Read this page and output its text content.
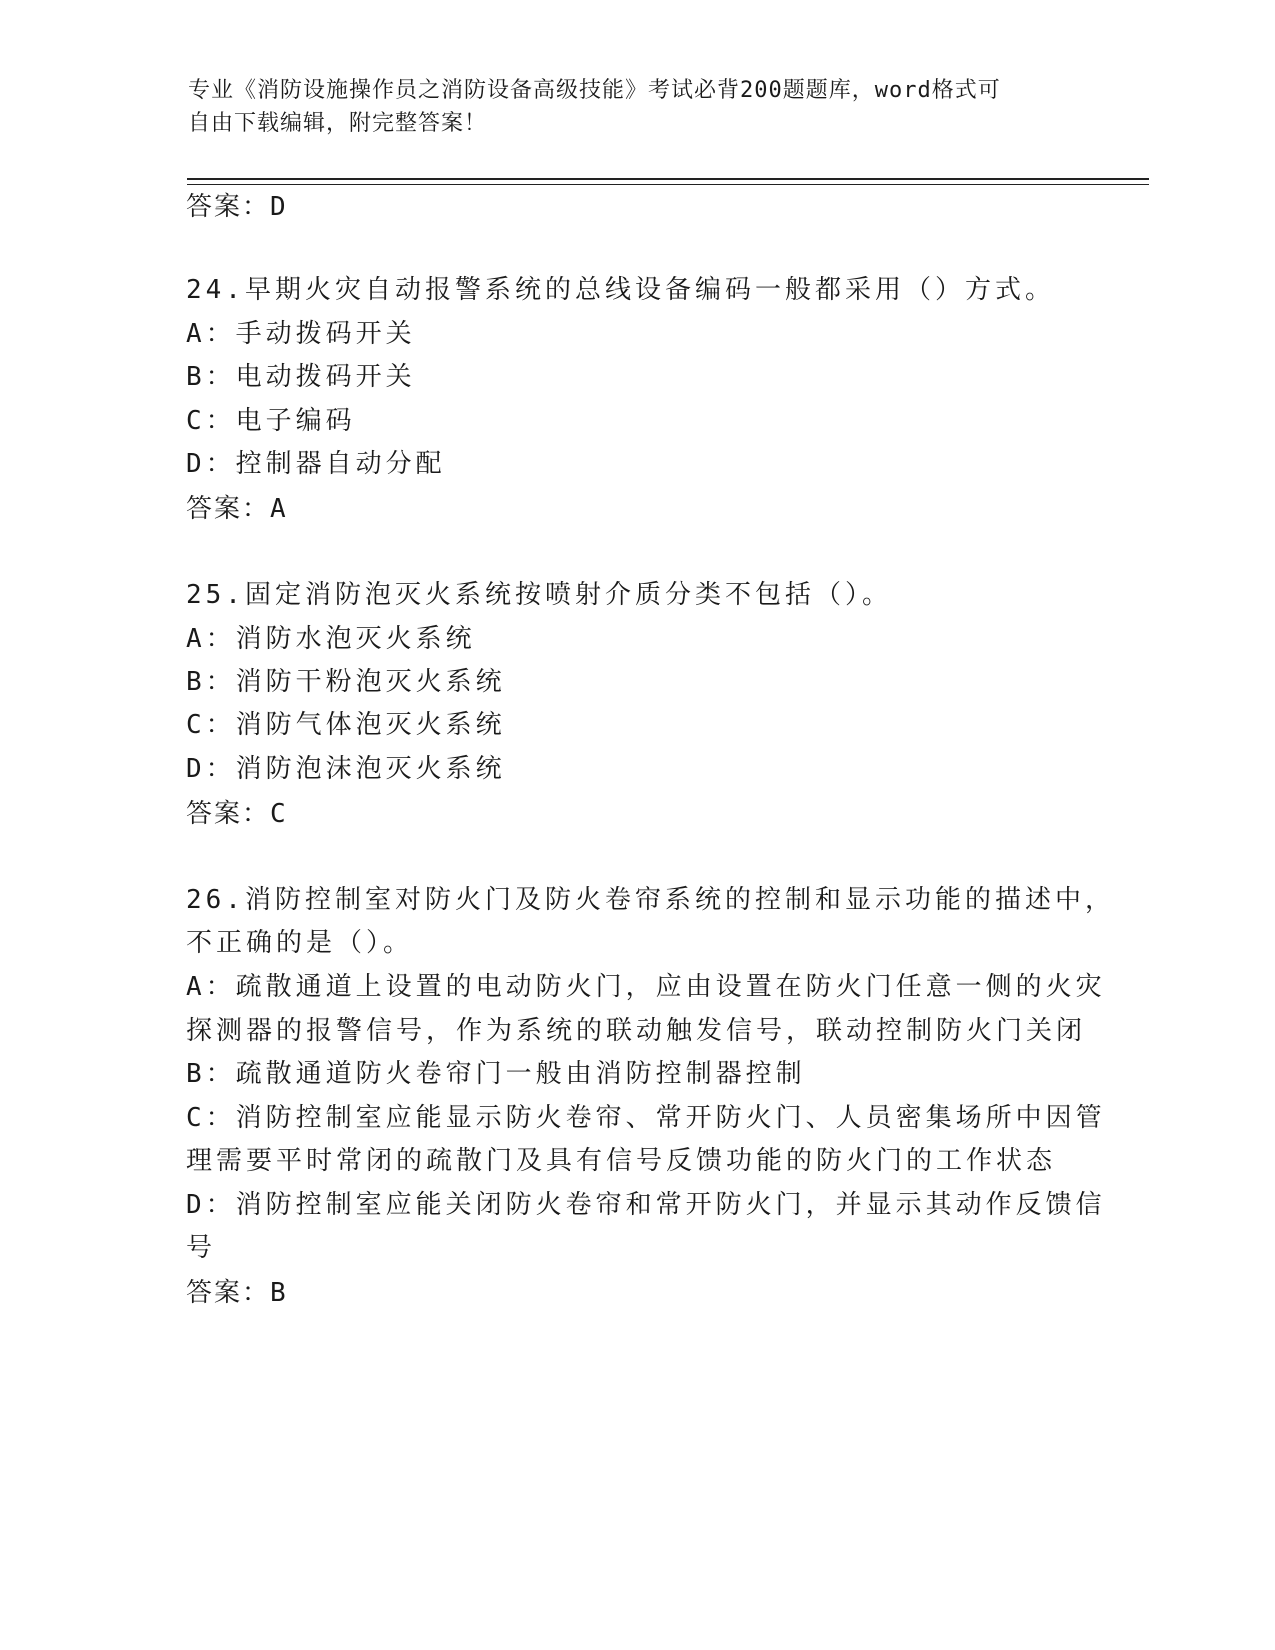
专业《消防设施操作员之消防设备高级技能》考试必背200题题库，word格式可
自由下载编辑，附完整答案！
答案：D
24.早期火灾自动报警系统的总线设备编码一般都采用（）方式。
A：手动拨码开关
B：电动拨码开关
C：电子编码
D：控制器自动分配
答案：A
25.固定消防泡灭火系统按喷射介质分类不包括（）。
A：消防水泡灭火系统
B：消防干粉泡灭火系统
C：消防气体泡灭火系统
D：消防泡沫泡灭火系统
答案：C
26.消防控制室对防火门及防火卷帘系统的控制和显示功能的描述中，
不正确的是（）。
A：疏散通道上设置的电动防火门，应由设置在防火门任意一侧的火灾
探测器的报警信号，作为系统的联动触发信号，联动控制防火门关闭
B：疏散通道防火卷帘门一般由消防控制器控制
C：消防控制室应能显示防火卷帘、常开防火门、人员密集场所中因管
理需要平时常闭的疏散门及具有信号反馈功能的防火门的工作状态
D：消防控制室应能关闭防火卷帘和常开防火门，并显示其动作反馈信
号
答案：B
